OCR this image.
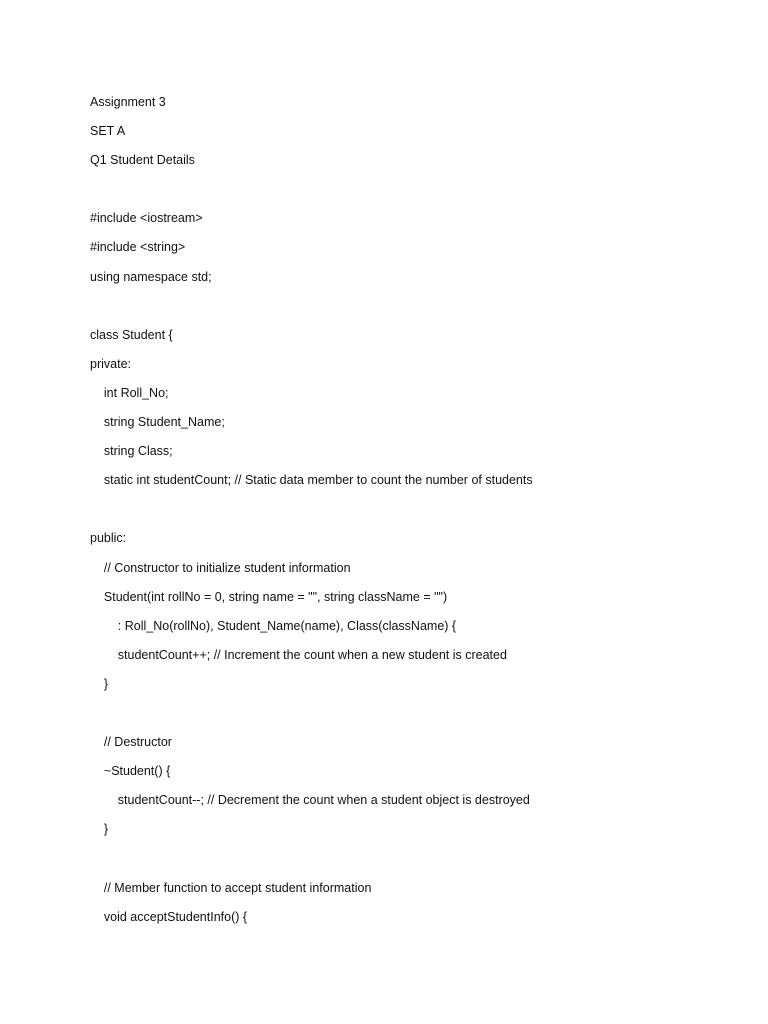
Assignment 3
SET A
Q1 Student Details
#include <iostream>
#include <string>
using namespace std;
class Student {
private:
int Roll_No;
string Student_Name;
string Class;
static int studentCount; // Static data member to count the number of students
public:
// Constructor to initialize student information
Student(int rollNo = 0, string name = "", string className = "")
: Roll_No(rollNo), Student_Name(name), Class(className) {
studentCount++; // Increment the count when a new student is created
}
// Destructor
~Student() {
studentCount--; // Decrement the count when a student object is destroyed
}
// Member function to accept student information
void acceptStudentInfo() {
